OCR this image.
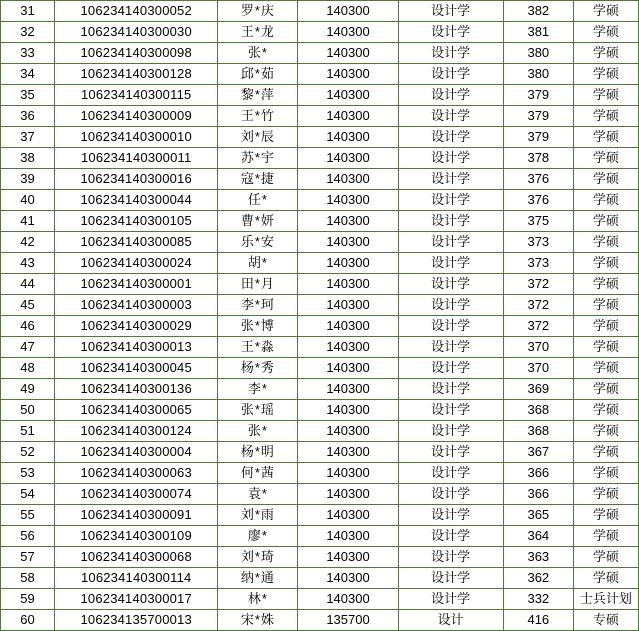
31	106234140300052	罗*庆	140300	设计学	382	学硕
32	106234140300030	王*龙	140300	设计学	381	学硕
33	106234140300098	张*	140300	设计学	380	学硕
34	106234140300128	邱*茹	140300	设计学	380	学硕
35	106234140300115	黎*萍	140300	设计学	379	学硕
36	106234140300009	王*竹	140300	设计学	379	学硕
37	106234140300010	刘*辰	140300	设计学	379	学硕
38	106234140300011	苏*宇	140300	设计学	378	学硕
39	106234140300016	寇*捷	140300	设计学	376	学硕
40	106234140300044	任*	140300	设计学	376	学硕
41	106234140300105	曹*妍	140300	设计学	375	学硕
42	106234140300085	乐*安	140300	设计学	373	学硕
43	106234140300024	胡*	140300	设计学	373	学硕
44	106234140300001	田*月	140300	设计学	372	学硕
45	106234140300003	李*珂	140300	设计学	372	学硕
46	106234140300029	张*博	140300	设计学	372	学硕
47	106234140300013	王*淼	140300	设计学	370	学硕
48	106234140300045	杨*秀	140300	设计学	370	学硕
49	106234140300136	李*	140300	设计学	369	学硕
50	106234140300065	张*瑶	140300	设计学	368	学硕
51	106234140300124	张*	140300	设计学	368	学硕
52	106234140300004	杨*明	140300	设计学	367	学硕
53	106234140300063	何*茜	140300	设计学	366	学硕
54	106234140300074	袁*	140300	设计学	366	学硕
55	106234140300091	刘*雨	140300	设计学	365	学硕
56	106234140300109	廖*	140300	设计学	364	学硕
57	106234140300068	刘*琦	140300	设计学	363	学硕
58	106234140300114	纳*通	140300	设计学	362	学硕
59	106234140300017	林*	140300	设计学	332	士兵计划
60	106234135700013	宋*姝	135700	设计	416	专硕
